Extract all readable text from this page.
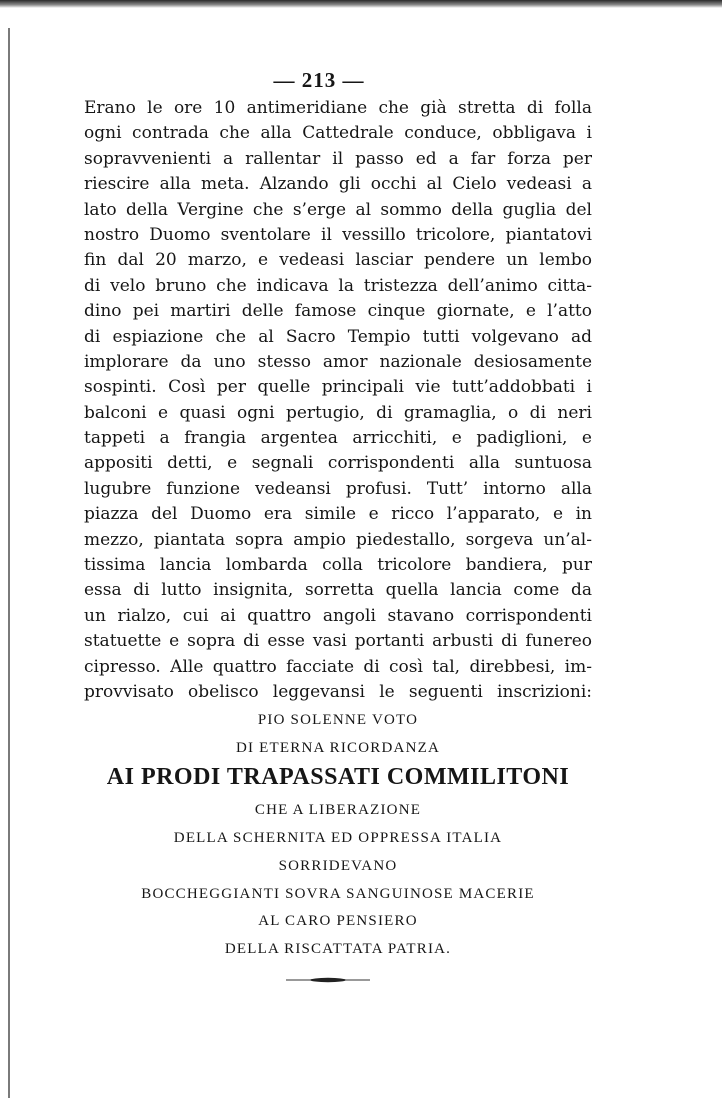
— 213 —
Erano le ore 10 antimeridiane che già stretta di folla
ogni contrada che alla Cattedrale conduce, obbligava i
sopravvenienti a rallentar il passo ed a far forza per
riescire alla meta. Alzando gli occhi al Cielo vedeasi a
lato della Vergine che s’erge al sommo della guglia del
nostro Duomo sventolare il vessillo tricolore, piantatovi
fin dal 20 marzo, e vedeasi lasciar pendere un lembo
di velo bruno che indicava la tristezza dell’animo citta-
dino pei martiri delle famose cinque giornate, e l’atto
di espiazione che al Sacro Tempio tutti volgevano ad
implorare da uno stesso amor nazionale desiosamente
sospinti. Così per quelle principali vie tutt’addobbati i
balconi e quasi ogni pertugio, di gramaglia, o di neri
tappeti a frangia argentea arricchiti, e padiglioni, e
appositi detti, e segnali corrispondenti alla suntuosa
lugubre funzione vedeansi profusi. Tutt’ intorno alla
piazza del Duomo era simile e ricco l’apparato, e in
mezzo, piantata sopra ampio piedestallo, sorgeva un’al-
tissima lancia lombarda colla tricolore bandiera, pur
essa di lutto insignita, sorretta quella lancia come da
un rialzo, cui ai quattro angoli stavano corrispondenti
statuette e sopra di esse vasi portanti arbusti di funereo
cipresso. Alle quattro facciate di così tal, direbbesi, im-
provvisato obelisco leggevansi le seguenti inscrizioni:
PIO SOLENNE VOTO
DI ETERNA RICORDANZA
AI PRODI TRAPASSATI COMMILITONI
CHE A LIBERAZIONE
DELLA SCHERNITA ED OPPRESSA ITALIA
SORRIDEVANO
BOCCHEGGIANTI SOVRA SANGUINOSE MACERIE
AL CARO PENSIERO
DELLA RISCATTATA PATRIA.
